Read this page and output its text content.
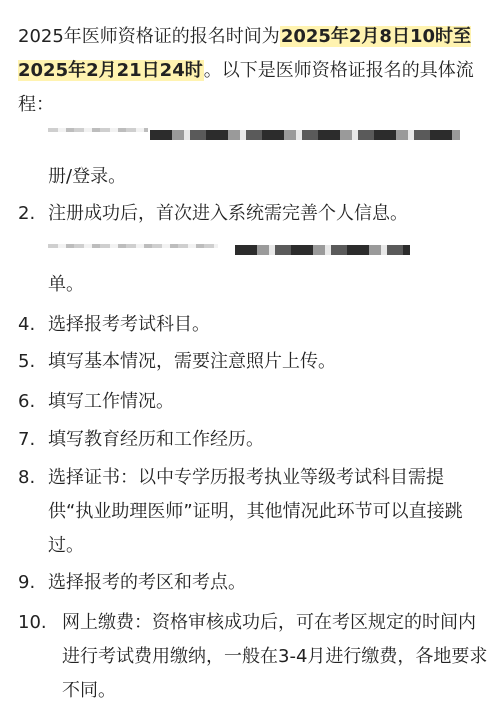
2025年医师资格证的报名时间为2025年2月8日10时至2025年2月21日24时。以下是医师资格证报名的具体流程：
册/登录。
2. 注册成功后，首次进入系统需完善个人信息。
单。
4. 选择报考考试科目。
5. 填写基本情况，需要注意照片上传。
6. 填写工作情况。
7. 填写教育经历和工作经历。
8. 选择证书：以中专学历报考执业等级考试科目需提供“执业助理医师”证明，其他情况此环节可以直接跳过。
9. 选择报考的考区和考点。
10. 网上缴费：资格审核成功后，可在考区规定的时间内进行考试费用缴纳，一般在3-4月进行缴费，各地要求不同。
